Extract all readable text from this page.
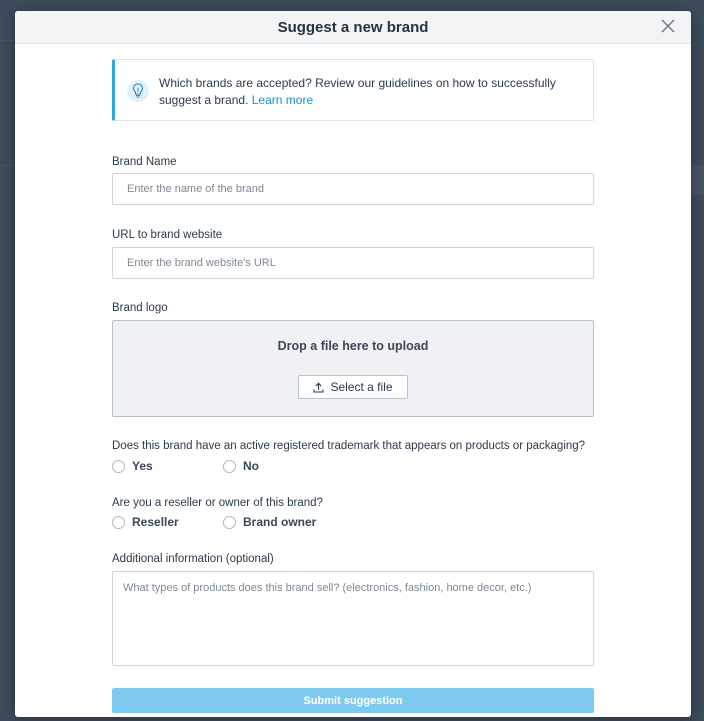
Suggest a new brand
Which brands are accepted? Review our guidelines on how to successfully suggest a brand. Learn more
Brand Name
Enter the name of the brand
URL to brand website
Enter the brand website's URL
Brand logo
Drop a file here to upload
Select a file
Does this brand have an active registered trademark that appears on products or packaging?
Yes	No
Are you a reseller or owner of this brand?
Reseller	Brand owner
Additional information (optional)
What types of products does this brand sell? (electronics, fashion, home decor, etc.)
Submit suggestion
